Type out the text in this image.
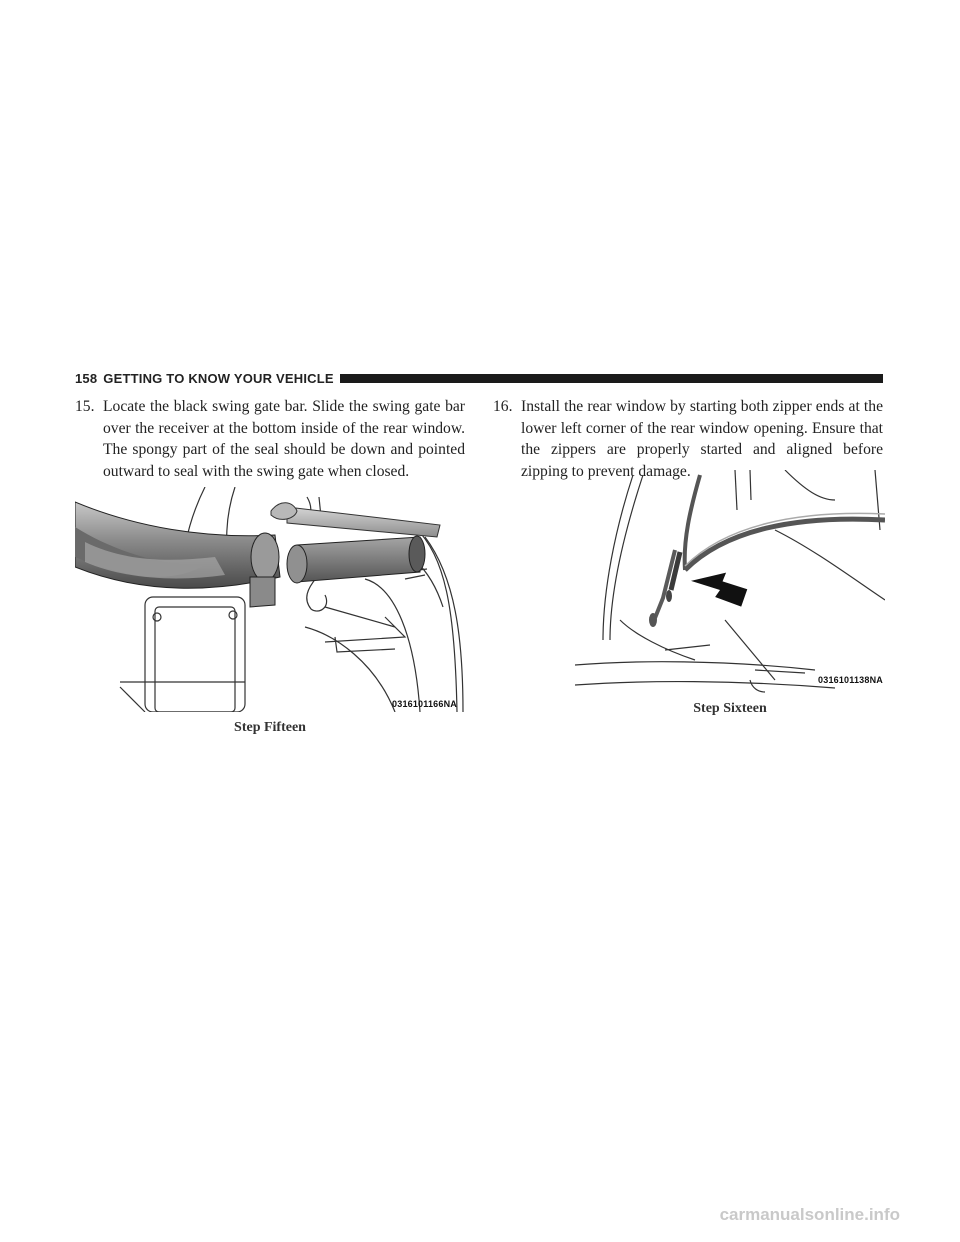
158 GETTING TO KNOW YOUR VEHICLE
15. Locate the black swing gate bar. Slide the swing gate bar over the receiver at the bottom inside of the rear window. The spongy part of the seal should be down and pointed outward to seal with the swing gate when closed.
16. Install the rear window by starting both zipper ends at the lower left corner of the rear window opening. Ensure that the zippers are properly started and aligned before zipping to prevent damage.
0316101166NA
0316101138NA
Step Fifteen
Step Sixteen
carmanualsonline.info
